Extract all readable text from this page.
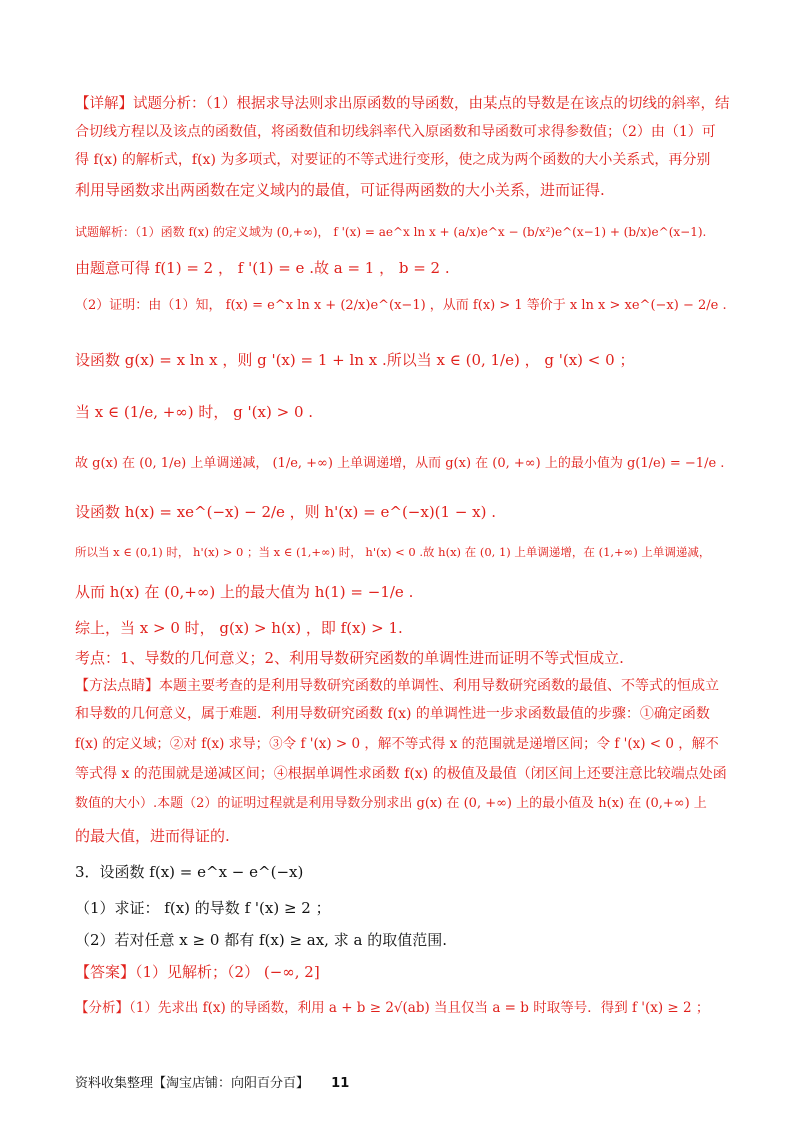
【详解】试题分析：（1）根据求导法则求出原函数的导函数，由某点的导数是在该点的切线的斜率，结
合切线方程以及该点的函数值，将函数值和切线斜率代入原函数和导函数可求得参数值；（2）由（1）可
得 f(x) 的解析式，f(x) 为多项式，对要证的不等式进行变形，使之成为两个函数的大小关系式，再分别
利用导函数求出两函数在定义域内的最值，可证得两函数的大小关系，进而证得.
试题解析：（1）函数 f(x) 的定义域为 (0,+∞)， f '(x) = ae^x ln x + (a/x)e^x − (b/x²)e^(x−1) + (b/x)e^(x−1).
由题意可得 f(1) = 2 ， f '(1) = e .故 a = 1 ， b = 2 .
（2）证明：由（1）知， f(x) = e^x ln x + (2/x)e^(x−1) ，从而 f(x) > 1 等价于 x ln x > xe^(−x) − 2/e .
设函数 g(x) = x ln x ，则 g '(x) = 1 + ln x .所以当 x ∈ (0, 1/e) ， g '(x) < 0 ；
当 x ∈ (1/e, +∞) 时， g '(x) > 0 .
故 g(x) 在 (0, 1/e) 上单调递减， (1/e, +∞) 上单调递增，从而 g(x) 在 (0, +∞) 上的最小值为 g(1/e) = −1/e .
设函数 h(x) = xe^(−x) − 2/e ，则 h'(x) = e^(−x)(1 − x) .
所以当 x ∈ (0,1) 时， h'(x) > 0 ；当 x ∈ (1,+∞) 时， h'(x) < 0 .故 h(x) 在 (0, 1) 上单调递增，在 (1,+∞) 上单调递减，
从而 h(x) 在 (0,+∞) 上的最大值为 h(1) = −1/e .
综上，当 x > 0 时， g(x) > h(x) ，即 f(x) > 1.
考点：1、导数的几何意义；2、利用导数研究函数的单调性进而证明不等式恒成立.
【方法点睛】本题主要考查的是利用导数研究函数的单调性、利用导数研究函数的最值、不等式的恒成立
和导数的几何意义，属于难题．利用导数研究函数 f(x) 的单调性进一步求函数最值的步骤：①确定函数
f(x) 的定义域；②对 f(x) 求导；③令 f '(x) > 0 ，解不等式得 x 的范围就是递增区间；令 f '(x) < 0 ，解不
等式得 x 的范围就是递减区间；④根据单调性求函数 f(x) 的极值及最值（闭区间上还要注意比较端点处函
数值的大小）.本题（2）的证明过程就是利用导数分别求出 g(x) 在 (0, +∞) 上的最小值及 h(x) 在 (0,+∞) 上
的最大值，进而得证的.
3．设函数 f(x) = e^x − e^(−x)
（1）求证： f(x) 的导数 f '(x) ≥ 2 ；
（2）若对任意 x ≥ 0 都有 f(x) ≥ ax, 求 a 的取值范围.
【答案】（1）见解析；（2） (−∞, 2]
【分析】（1）先求出 f(x) 的导函数，利用 a + b ≥ 2√(ab) 当且仅当 a = b 时取等号．得到 f '(x) ≥ 2 ；
资料收集整理【淘宝店铺：向阳百分百】 11
